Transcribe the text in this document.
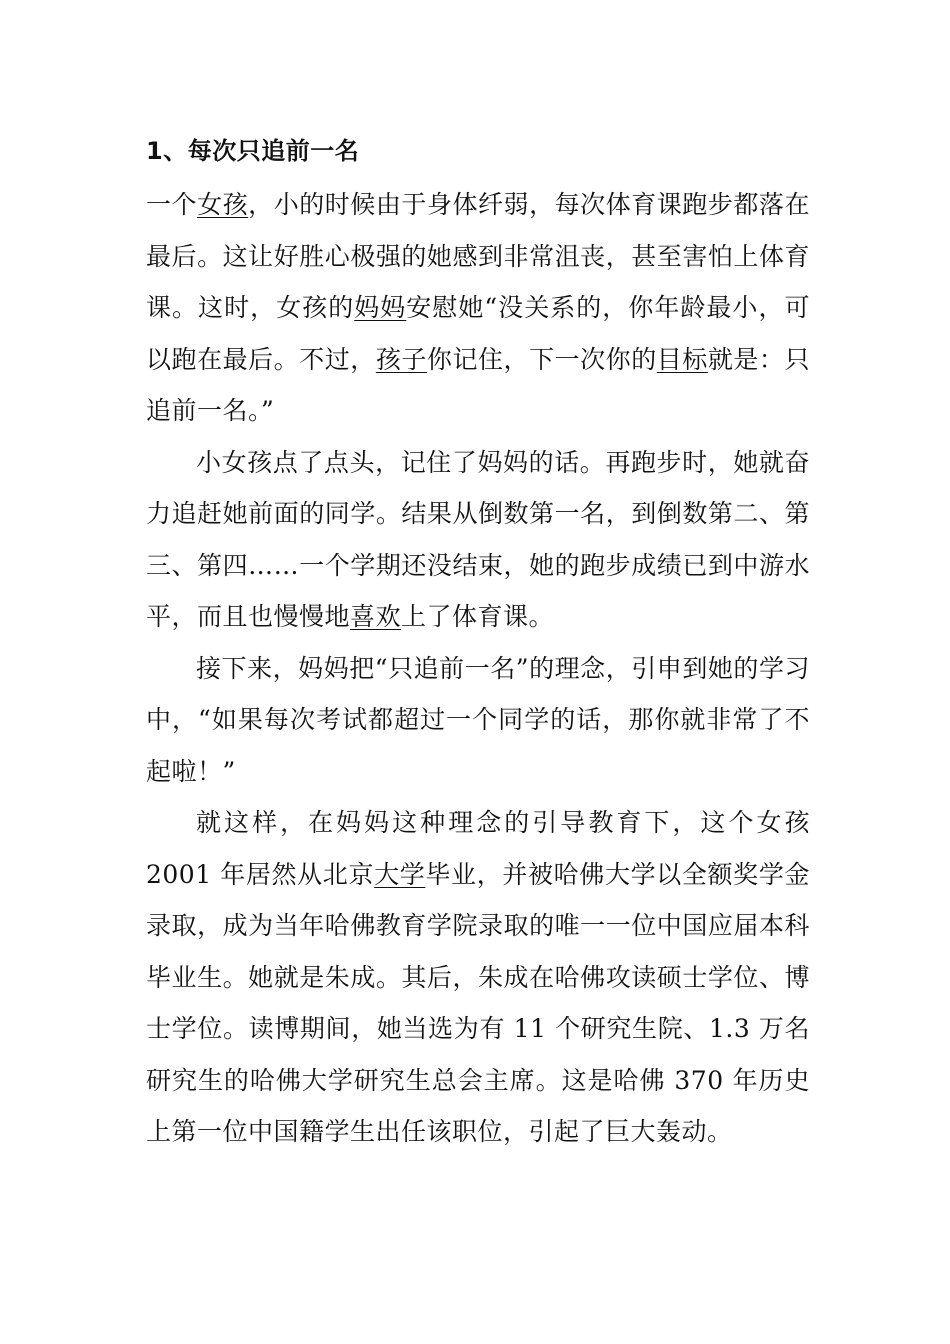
1、每次只追前一名

一个女孩，小的时候由于身体纤弱，每次体育课跑步都落在最后。这让好胜心极强的她感到非常沮丧，甚至害怕上体育课。这时，女孩的妈妈安慰她“没关系的，你年龄最小，可以跑在最后。不过，孩子你记住，下一次你的目标就是：只追前一名。”

小女孩点了点头，记住了妈妈的话。再跑步时，她就奋力追赶她前面的同学。结果从倒数第一名，到倒数第二、第三、第四……一个学期还没结束，她的跑步成绩已到中游水平，而且也慢慢地喜欢上了体育课。

接下来，妈妈把“只追前一名”的理念，引申到她的学习中，“如果每次考试都超过一个同学的话，那你就非常了不起啦！”

就这样，在妈妈这种理念的引导教育下，这个女孩 2001 年居然从北京大学毕业，并被哈佛大学以全额奖学金录取，成为当年哈佛教育学院录取的唯一一位中国应届本科毕业生。她就是朱成。其后，朱成在哈佛攻读硕士学位、博士学位。读博期间，她当选为有 11 个研究生院、1.3 万名研究生的哈佛大学研究生总会主席。这是哈佛 370 年历史上第一位中国籍学生出任该职位，引起了巨大轰动。
